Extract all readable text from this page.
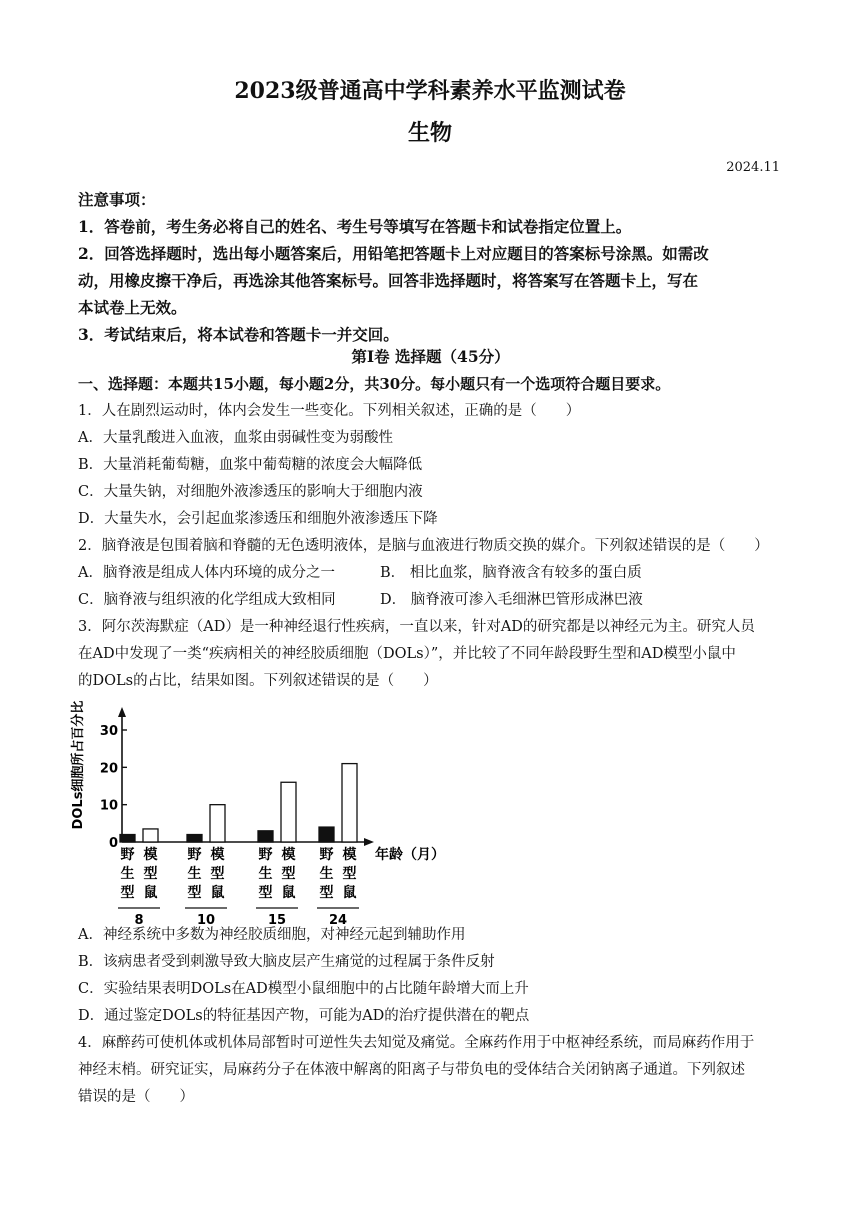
2023级普通高中学科素养水平监测试卷
生物
2024.11
注意事项：
1．答卷前，考生务必将自己的姓名、考生号等填写在答题卡和试卷指定位置上。
2．回答选择题时，选出每小题答案后，用铅笔把答题卡上对应题目的答案标号涂黑。如需改
动，用橡皮擦干净后，再选涂其他答案标号。回答非选择题时，将答案写在答题卡上，写在
本试卷上无效。
3．考试结束后，将本试卷和答题卡一并交回。
第Ⅰ卷 选择题（45分）
一、选择题：本题共15小题，每小题2分，共30分。每小题只有一个选项符合题目要求。
1．人在剧烈运动时，体内会发生一些变化。下列相关叙述，正确的是（　　）
A．大量乳酸进入血液，血浆由弱碱性变为弱酸性
B．大量消耗葡萄糖，血浆中葡萄糖的浓度会大幅降低
C．大量失钠，对细胞外液渗透压的影响大于细胞内液
D．大量失水，会引起血浆渗透压和细胞外液渗透压下降
2．脑脊液是包围着脑和脊髓的无色透明液体，是脑与血液进行物质交换的媒介。下列叙述错误的是（　　）
A．脑脊液是组成人体内环境的成分之一	B． 相比血浆，脑脊液含有较多的蛋白质
C．脑脊液与组织液的化学组成大致相同	D． 脑脊液可渗入毛细淋巴管形成淋巴液
3．阿尔茨海默症（AD）是一种神经退行性疾病，一直以来，针对AD的研究都是以神经元为主。研究人员
在AD中发现了一类“疾病相关的神经胶质细胞（DOLs）”，并比较了不同年龄段野生型和AD模型小鼠中
的DOLs的占比，结果如图。下列叙述错误的是（　　）
DOLs细胞所占百分比
0
10
20
30
野
生
型
模
型
鼠
8
野
生
型
模
型
鼠
10
野
生
型
模
型
鼠
15
野
生
型
模
型
鼠
24
年龄（月）
A．神经系统中多数为神经胶质细胞，对神经元起到辅助作用
B．该病患者受到刺激导致大脑皮层产生痛觉的过程属于条件反射
C．实验结果表明DOLs在AD模型小鼠细胞中的占比随年龄增大而上升
D．通过鉴定DOLs的特征基因产物，可能为AD的治疗提供潜在的靶点
4．麻醉药可使机体或机体局部暂时可逆性失去知觉及痛觉。全麻药作用于中枢神经系统，而局麻药作用于
神经末梢。研究证实，局麻药分子在体液中解离的阳离子与带负电的受体结合关闭钠离子通道。下列叙述
错误的是（　　）
